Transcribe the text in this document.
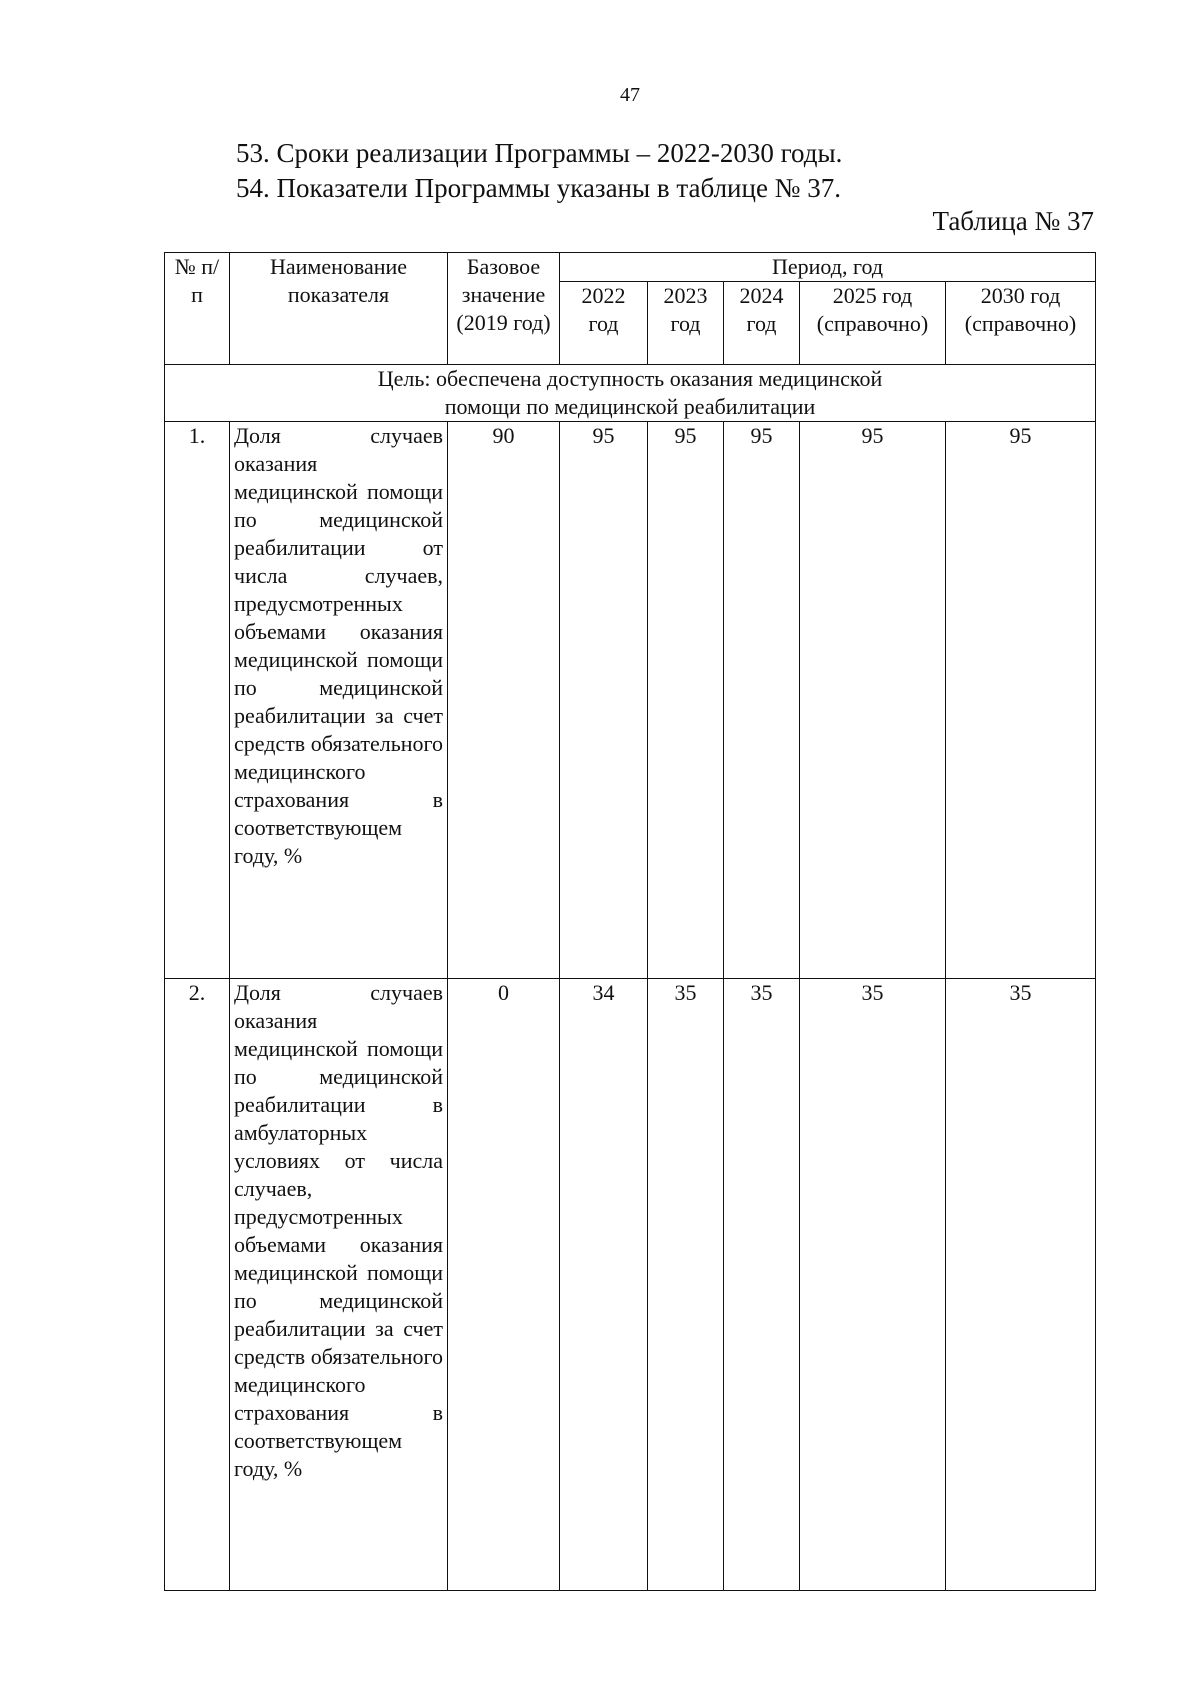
47
53. Сроки реализации Программы – 2022-2030 годы.
54. Показатели Программы указаны в таблице № 37.
Таблица № 37
№ п/п	Наименование показателя	Базовое значение (2019 год)	Период, год				
			2022 год	2023 год	2024 год	2025 год (справочно)	2030 год (справочно)
Цель: обеспечена доступность оказания медицинской помощи по медицинской реабилитации							
1.	Доля случаев оказания медицинской помощи по медицинской реабилитации от числа случаев, предусмотренных объемами оказания медицинской помощи по медицинской реабилитации за счет средств обязательного медицинского страхования в соответствующем году, %	90	95	95	95	95	95
2.	Доля случаев оказания медицинской помощи по медицинской реабилитации в амбулаторных условиях от числа случаев, предусмотренных объемами оказания медицинской помощи по медицинской реабилитации за счет средств обязательного медицинского страхования в соответствующем году, %	0	34	35	35	35	35
